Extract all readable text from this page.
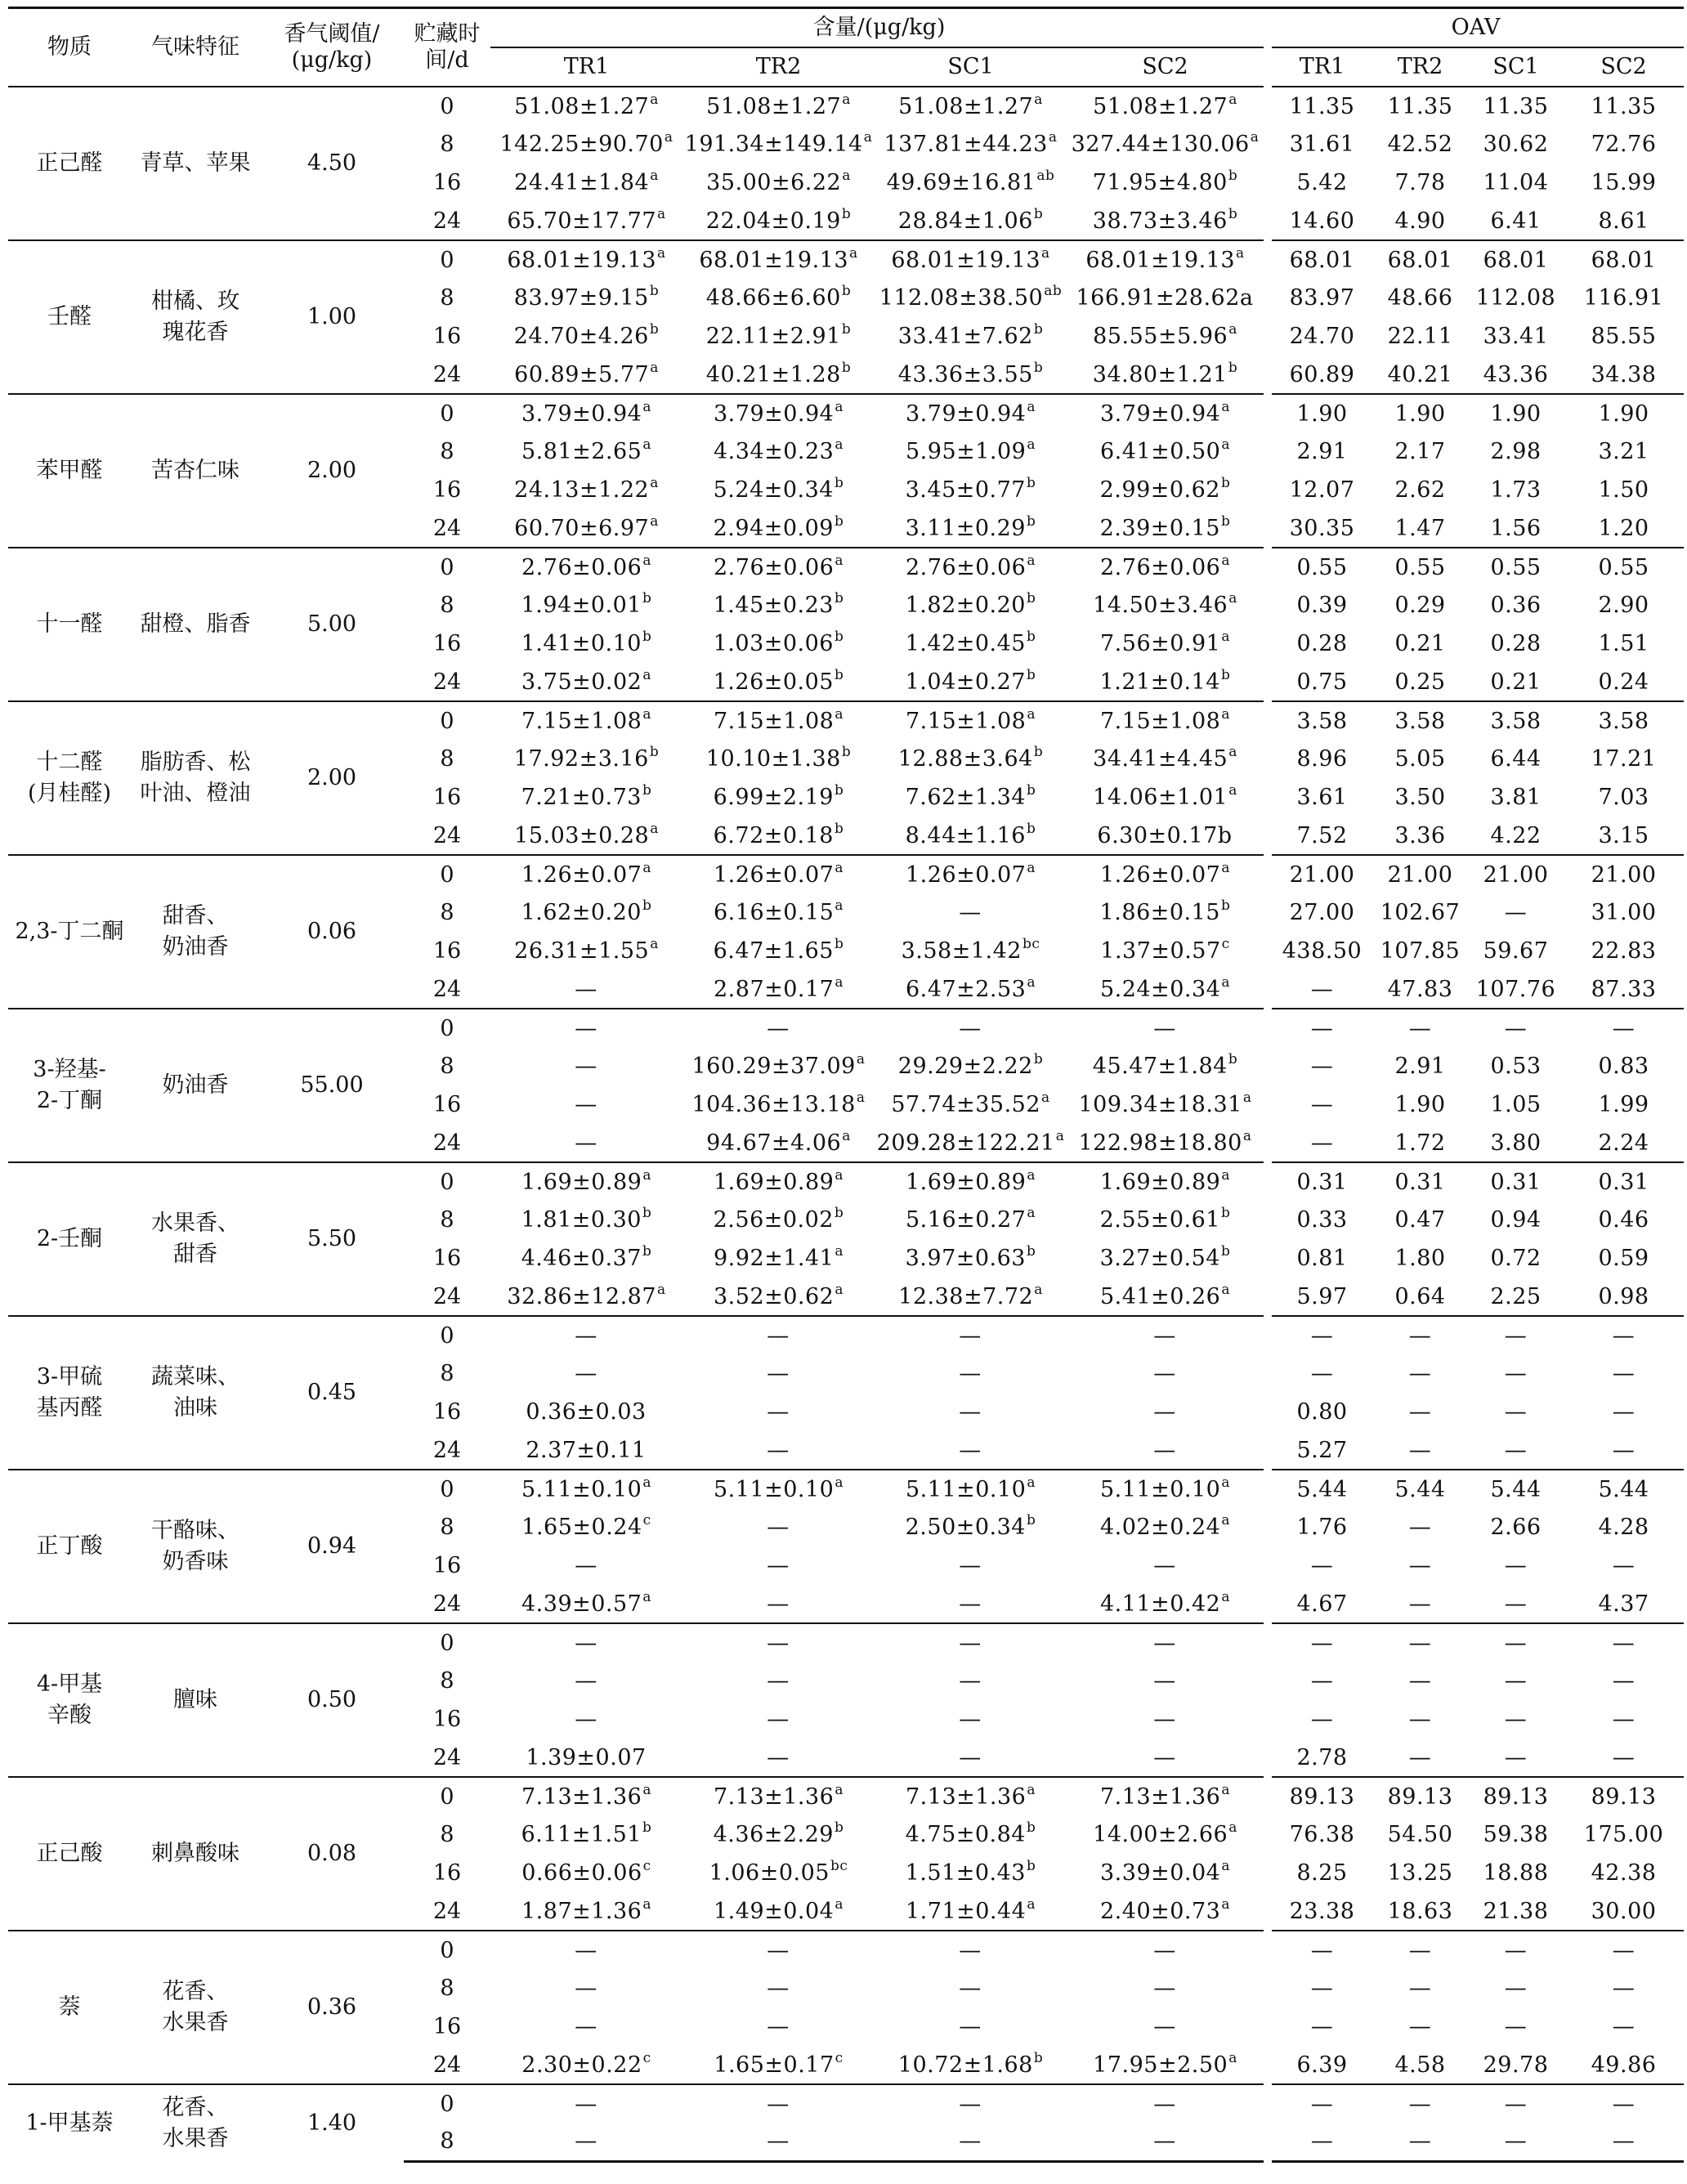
物质	气味特征	香气阈值/
(μg/kg)	贮藏时
间/d	含量/(μg/kg)				OAV			
				TR1	TR2	SC1	SC2	TR1	TR2	SC1	SC2
正己醛	青草、苹果	4.50	0	51.08±1.27$^a$	51.08±1.27$^a$	51.08±1.27$^a$	51.08±1.27$^a$	11.35	11.35	11.35	11.35
			8	142.25±90.70$^a$	191.34±149.14$^a$	137.81±44.23$^a$	327.44±130.06$^a$	31.61	42.52	30.62	72.76
			16	24.41±1.84$^a$	35.00±6.22$^a$	49.69±16.81$^{ab}$	71.95±4.80$^b$	5.42	7.78	11.04	15.99
			24	65.70±17.77$^a$	22.04±0.19$^b$	28.84±1.06$^b$	38.73±3.46$^b$	14.60	4.90	6.41	8.61
壬醛	柑橘、玫
瑰花香	1.00	0	68.01±19.13$^a$	68.01±19.13$^a$	68.01±19.13$^a$	68.01±19.13$^a$	68.01	68.01	68.01	68.01
			8	83.97±9.15$^b$	48.66±6.60$^b$	112.08±38.50$^{ab}$	166.91±28.62a	83.97	48.66	112.08	116.91
			16	24.70±4.26$^b$	22.11±2.91$^b$	33.41±7.62$^b$	85.55±5.96$^a$	24.70	22.11	33.41	85.55
			24	60.89±5.77$^a$	40.21±1.28$^b$	43.36±3.55$^b$	34.80±1.21$^b$	60.89	40.21	43.36	34.38
苯甲醛	苦杏仁味	2.00	0	3.79±0.94$^a$	3.79±0.94$^a$	3.79±0.94$^a$	3.79±0.94$^a$	1.90	1.90	1.90	1.90
			8	5.81±2.65$^a$	4.34±0.23$^a$	5.95±1.09$^a$	6.41±0.50$^a$	2.91	2.17	2.98	3.21
			16	24.13±1.22$^a$	5.24±0.34$^b$	3.45±0.77$^b$	2.99±0.62$^b$	12.07	2.62	1.73	1.50
			24	60.70±6.97$^a$	2.94±0.09$^b$	3.11±0.29$^b$	2.39±0.15$^b$	30.35	1.47	1.56	1.20
十一醛	甜橙、脂香	5.00	0	2.76±0.06$^a$	2.76±0.06$^a$	2.76±0.06$^a$	2.76±0.06$^a$	0.55	0.55	0.55	0.55
			8	1.94±0.01$^b$	1.45±0.23$^b$	1.82±0.20$^b$	14.50±3.46$^a$	0.39	0.29	0.36	2.90
			16	1.41±0.10$^b$	1.03±0.06$^b$	1.42±0.45$^b$	7.56±0.91$^a$	0.28	0.21	0.28	1.51
			24	3.75±0.02$^a$	1.26±0.05$^b$	1.04±0.27$^b$	1.21±0.14$^b$	0.75	0.25	0.21	0.24
十二醛
(月桂醛)	脂肪香、松
叶油、橙油	2.00	0	7.15±1.08$^a$	7.15±1.08$^a$	7.15±1.08$^a$	7.15±1.08$^a$	3.58	3.58	3.58	3.58
			8	17.92±3.16$^b$	10.10±1.38$^b$	12.88±3.64$^b$	34.41±4.45$^a$	8.96	5.05	6.44	17.21
			16	7.21±0.73$^b$	6.99±2.19$^b$	7.62±1.34$^b$	14.06±1.01$^a$	3.61	3.50	3.81	7.03
			24	15.03±0.28$^a$	6.72±0.18$^b$	8.44±1.16$^b$	6.30±0.17b	7.52	3.36	4.22	3.15
2,3-丁二酮	甜香、
奶油香	0.06	0	1.26±0.07$^a$	1.26±0.07$^a$	1.26±0.07$^a$	1.26±0.07$^a$	21.00	21.00	21.00	21.00
			8	1.62±0.20$^b$	6.16±0.15$^a$	—	1.86±0.15$^b$	27.00	102.67	—	31.00
			16	26.31±1.55$^a$	6.47±1.65$^b$	3.58±1.42$^{bc}$	1.37±0.57$^c$	438.50	107.85	59.67	22.83
			24	—	2.87±0.17$^a$	6.47±2.53$^a$	5.24±0.34$^a$	—	47.83	107.76	87.33
3-羟基-
2-丁酮	奶油香	55.00	0	—	—	—	—	—	—	—	—
			8	—	160.29±37.09$^a$	29.29±2.22$^b$	45.47±1.84$^b$	—	2.91	0.53	0.83
			16	—	104.36±13.18$^a$	57.74±35.52$^a$	109.34±18.31$^a$	—	1.90	1.05	1.99
			24	—	94.67±4.06$^a$	209.28±122.21$^a$	122.98±18.80$^a$	—	1.72	3.80	2.24
2-壬酮	水果香、
甜香	5.50	0	1.69±0.89$^a$	1.69±0.89$^a$	1.69±0.89$^a$	1.69±0.89$^a$	0.31	0.31	0.31	0.31
			8	1.81±0.30$^b$	2.56±0.02$^b$	5.16±0.27$^a$	2.55±0.61$^b$	0.33	0.47	0.94	0.46
			16	4.46±0.37$^b$	9.92±1.41$^a$	3.97±0.63$^b$	3.27±0.54$^b$	0.81	1.80	0.72	0.59
			24	32.86±12.87$^a$	3.52±0.62$^a$	12.38±7.72$^a$	5.41±0.26$^a$	5.97	0.64	2.25	0.98
3-甲硫
基丙醛	蔬菜味、
油味	0.45	0	—	—	—	—	—	—	—	—
			8	—	—	—	—	—	—	—	—
			16	0.36±0.03	—	—	—	0.80	—	—	—
			24	2.37±0.11	—	—	—	5.27	—	—	—
正丁酸	干酪味、
奶香味	0.94	0	5.11±0.10$^a$	5.11±0.10$^a$	5.11±0.10$^a$	5.11±0.10$^a$	5.44	5.44	5.44	5.44
			8	1.65±0.24$^c$	—	2.50±0.34$^b$	4.02±0.24$^a$	1.76	—	2.66	4.28
			16	—	—	—	—	—	—	—	—
			24	4.39±0.57$^a$	—	—	4.11±0.42$^a$	4.67	—	—	4.37
4-甲基
辛酸	膻味	0.50	0	—	—	—	—	—	—	—	—
			8	—	—	—	—	—	—	—	—
			16	—	—	—	—	—	—	—	—
			24	1.39±0.07	—	—	—	2.78	—	—	—
正己酸	刺鼻酸味	0.08	0	7.13±1.36$^a$	7.13±1.36$^a$	7.13±1.36$^a$	7.13±1.36$^a$	89.13	89.13	89.13	89.13
			8	6.11±1.51$^b$	4.36±2.29$^b$	4.75±0.84$^b$	14.00±2.66$^a$	76.38	54.50	59.38	175.00
			16	0.66±0.06$^c$	1.06±0.05$^{bc}$	1.51±0.43$^b$	3.39±0.04$^a$	8.25	13.25	18.88	42.38
			24	1.87±1.36$^a$	1.49±0.04$^a$	1.71±0.44$^a$	2.40±0.73$^a$	23.38	18.63	21.38	30.00
萘	花香、
水果香	0.36	0	—	—	—	—	—	—	—	—
			8	—	—	—	—	—	—	—	—
			16	—	—	—	—	—	—	—	—
			24	2.30±0.22$^c$	1.65±0.17$^c$	10.72±1.68$^b$	17.95±2.50$^a$	6.39	4.58	29.78	49.86
1-甲基萘	花香、
水果香	1.40	0	—	—	—	—	—	—	—	—
			8	—	—	—	—	—	—	—	—
